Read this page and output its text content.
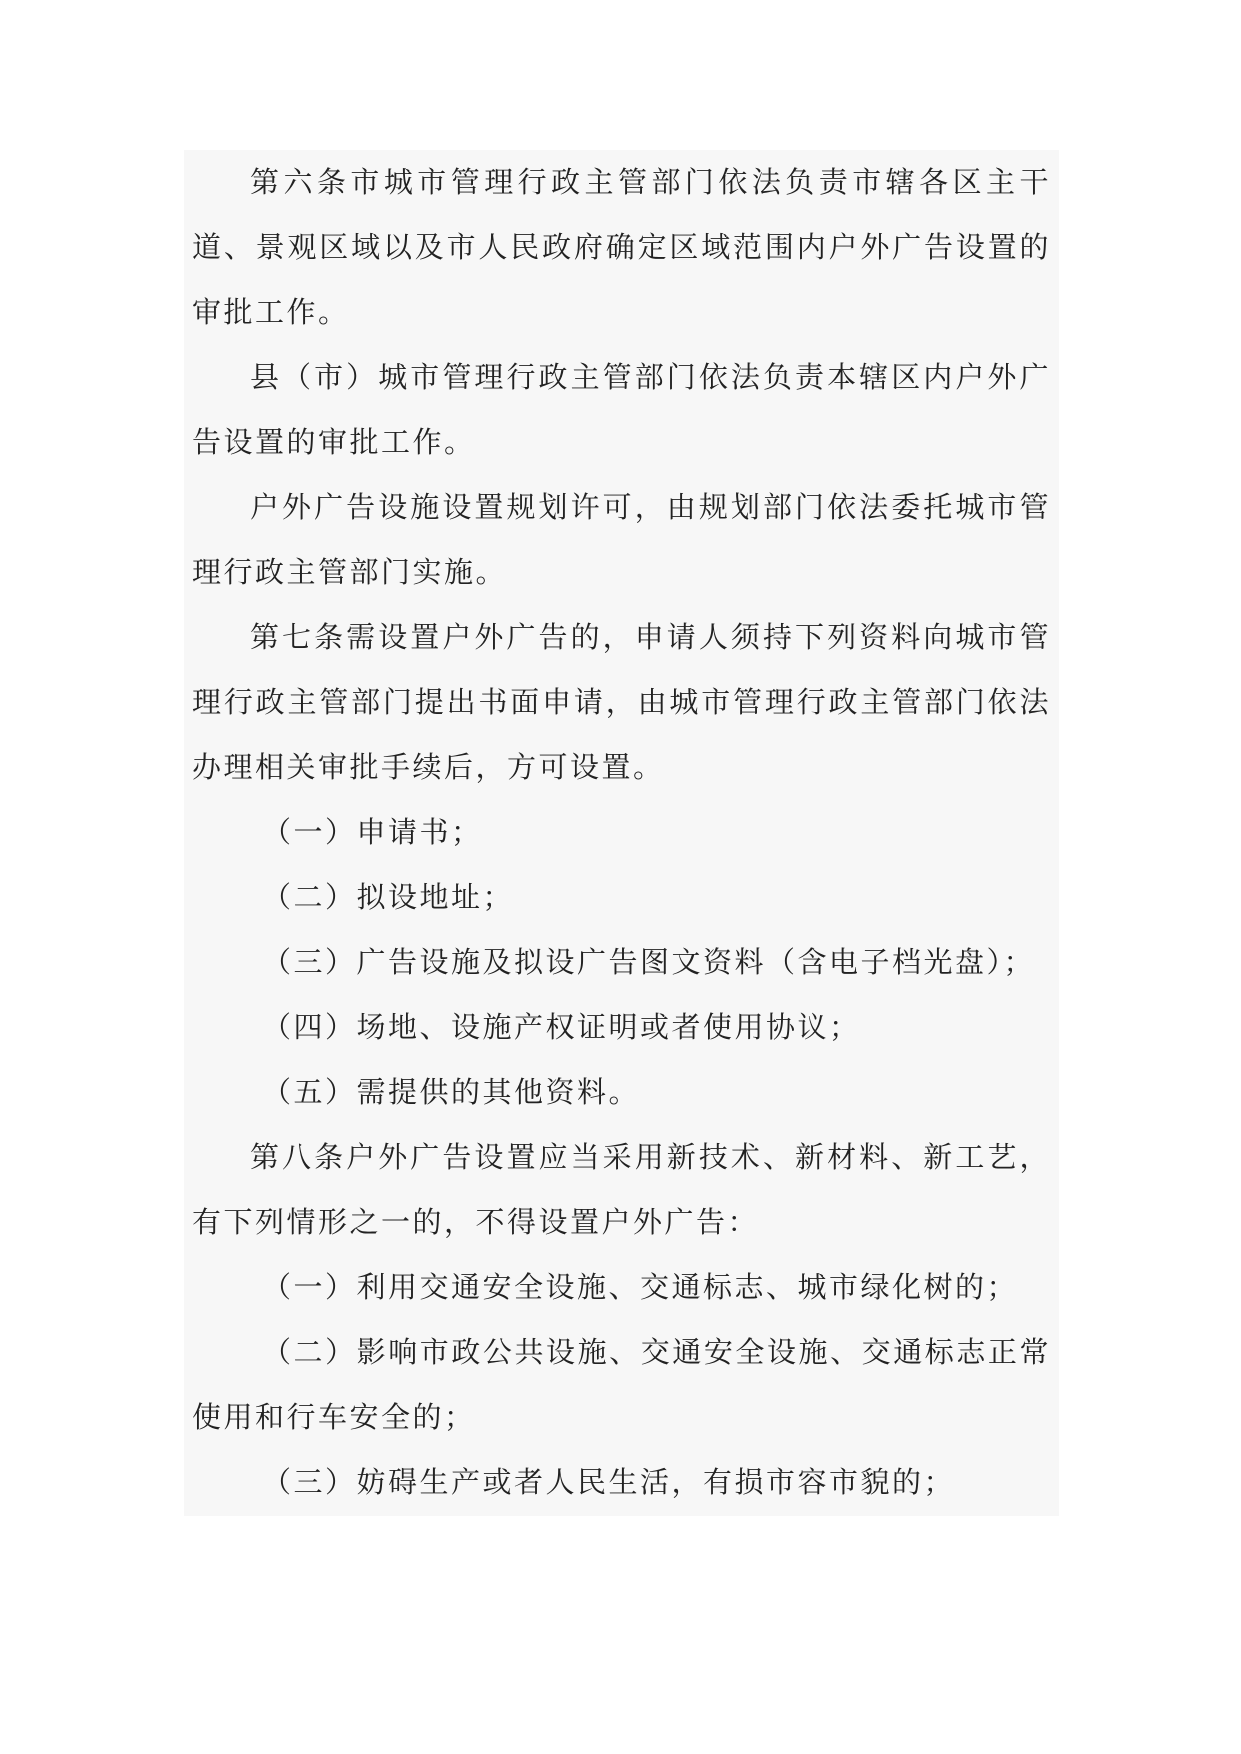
第六条市城市管理行政主管部门依法负责市辖各区主干道、景观区域以及市人民政府确定区域范围内户外广告设置的审批工作。

县（市）城市管理行政主管部门依法负责本辖区内户外广告设置的审批工作。

户外广告设施设置规划许可，由规划部门依法委托城市管理行政主管部门实施。

第七条需设置户外广告的，申请人须持下列资料向城市管理行政主管部门提出书面申请，由城市管理行政主管部门依法办理相关审批手续后，方可设置。

（一）申请书；

（二）拟设地址；

（三）广告设施及拟设广告图文资料（含电子档光盘）；

（四）场地、设施产权证明或者使用协议；

（五）需提供的其他资料。

第八条户外广告设置应当采用新技术、新材料、新工艺，有下列情形之一的，不得设置户外广告：

（一）利用交通安全设施、交通标志、城市绿化树的；

（二）影响市政公共设施、交通安全设施、交通标志正常使用和行车安全的；

（三）妨碍生产或者人民生活，有损市容市貌的；
